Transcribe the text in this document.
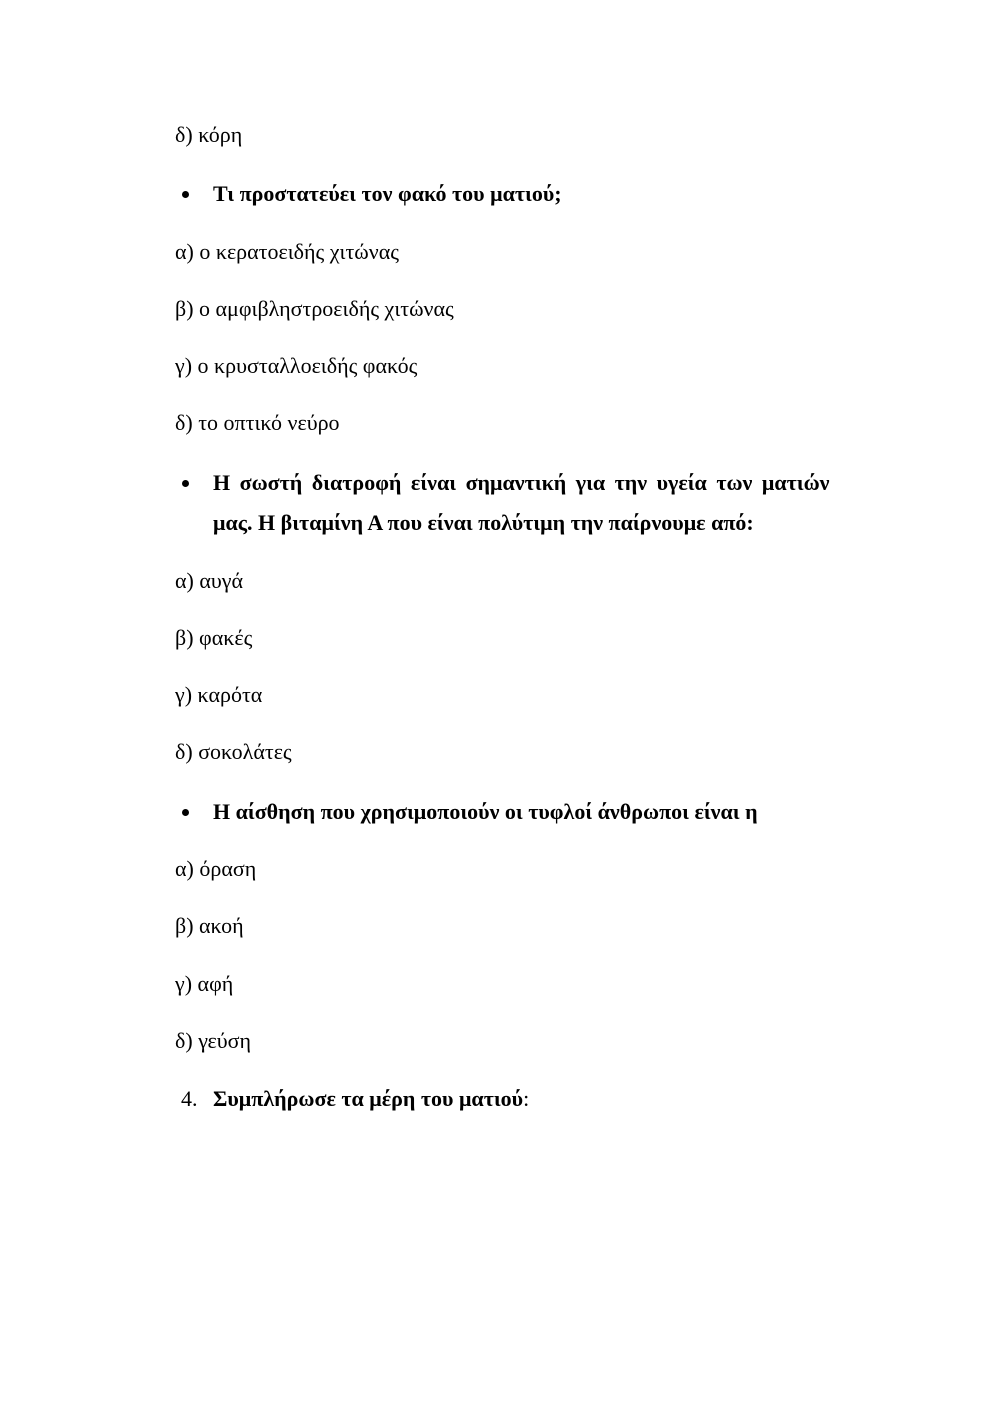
δ) κόρη
Τι προστατεύει τον φακό του ματιού;
α) ο κερατοειδής χιτώνας
β) ο αμφιβληστροειδής χιτώνας
γ) ο κρυσταλλοειδής φακός
δ) το οπτικό νεύρο
Η σωστή διατροφή είναι σημαντική για την υγεία των ματιών
μας. Η βιταμίνη Α που είναι πολύτιμη την παίρνουμε από:
α) αυγά
β) φακές
γ) καρότα
δ) σοκολάτες
Η αίσθηση που χρησιμοποιούν οι τυφλοί άνθρωποι είναι η
α) όραση
β) ακοή
γ) αφή
δ) γεύση
4. Συμπλήρωσε τα μέρη του ματιού:
